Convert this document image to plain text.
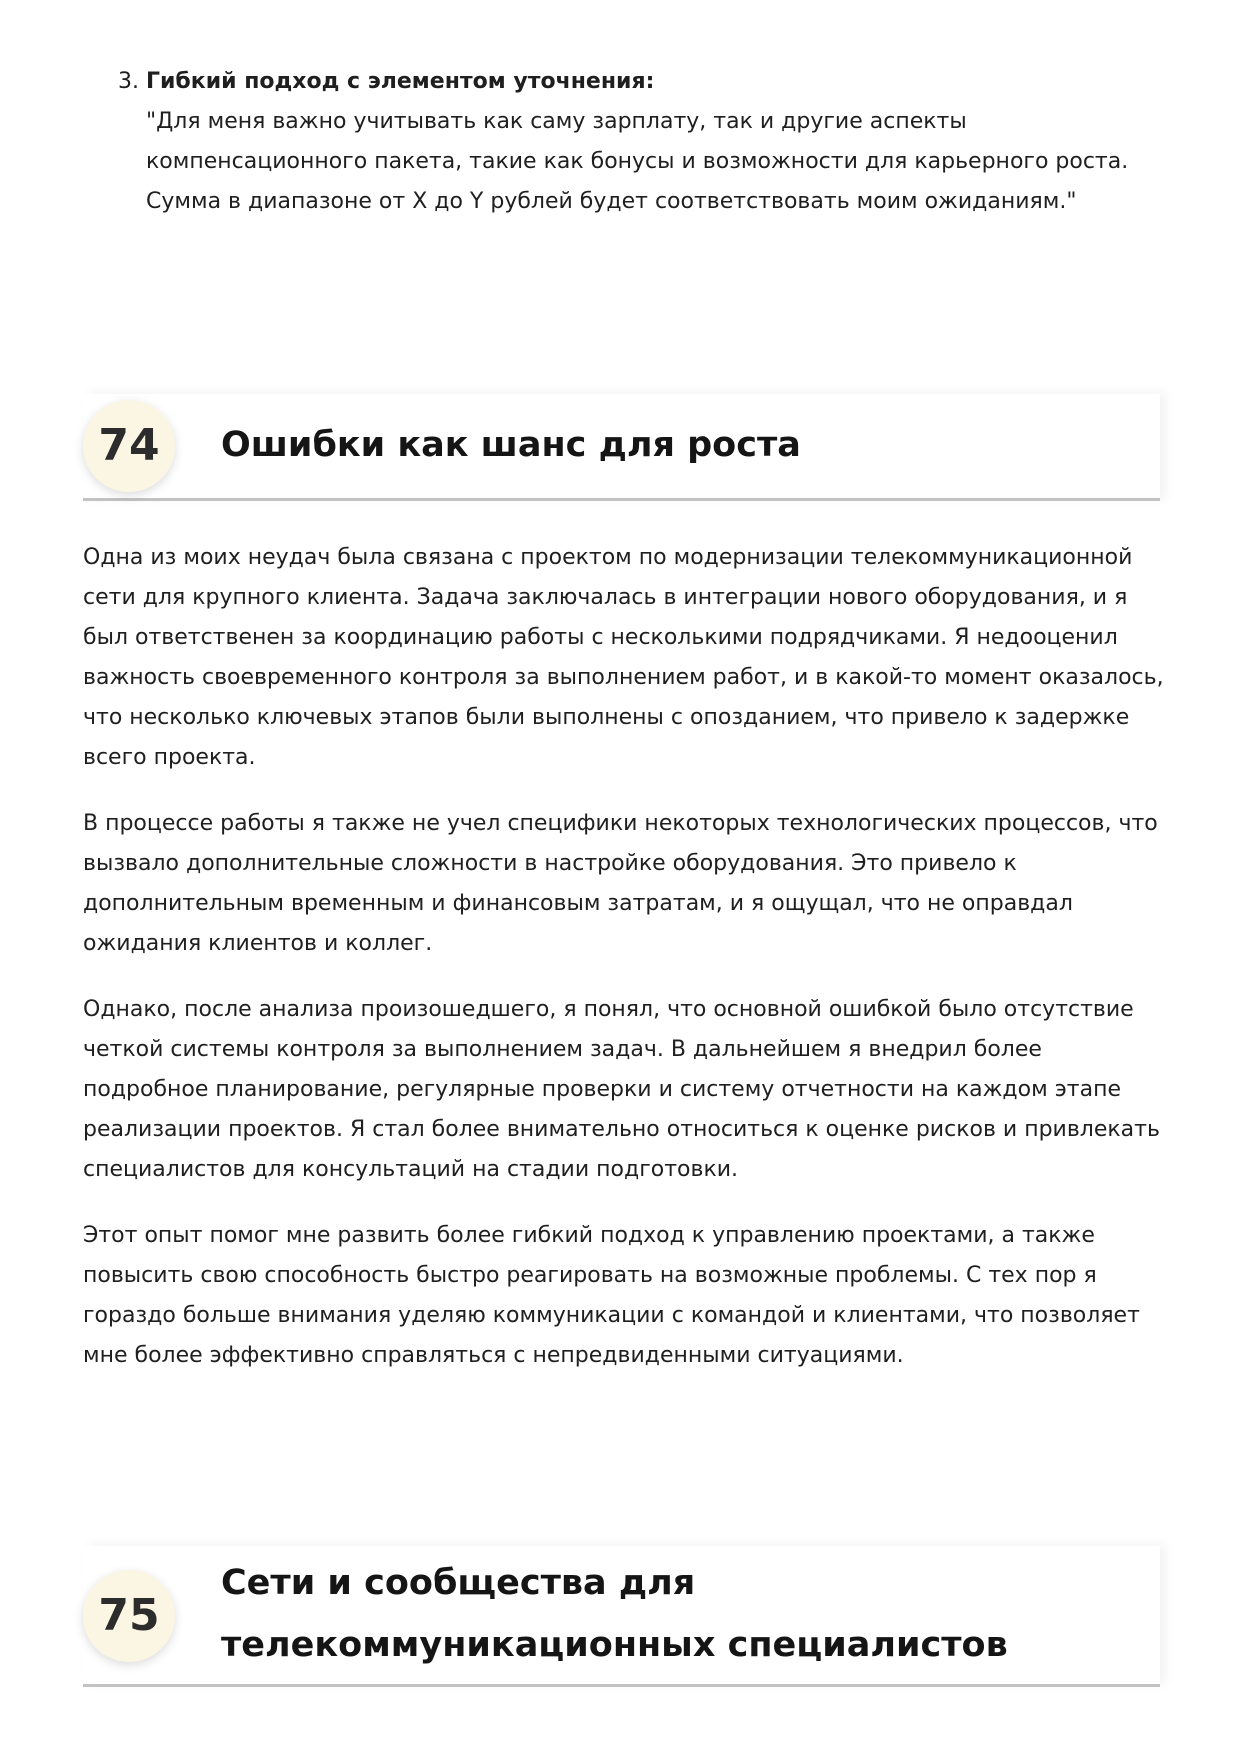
3. Гибкий подход с элементом уточнения:
"Для меня важно учитывать как саму зарплату, так и другие аспекты
компенсационного пакета, такие как бонусы и возможности для карьерного роста.
Сумма в диапазоне от X до Y рублей будет соответствовать моим ожиданиям."
74	Ошибки как шанс для роста

Одна из моих неудач была связана с проектом по модернизации телекоммуникационной сети для крупного клиента. Задача заключалась в интеграции нового оборудования, и я был ответственен за координацию работы с несколькими подрядчиками. Я недооценил важность своевременного контроля за выполнением работ, и в какой-то момент оказалось, что несколько ключевых этапов были выполнены с опозданием, что привело к задержке всего проекта.

В процессе работы я также не учел специфики некоторых технологических процессов, что вызвало дополнительные сложности в настройке оборудования. Это привело к дополнительным временным и финансовым затратам, и я ощущал, что не оправдал ожидания клиентов и коллег.

Однако, после анализа произошедшего, я понял, что основной ошибкой было отсутствие четкой системы контроля за выполнением задач. В дальнейшем я внедрил более подробное планирование, регулярные проверки и систему отчетности на каждом этапе реализации проектов. Я стал более внимательно относиться к оценке рисков и привлекать специалистов для консультаций на стадии подготовки.

Этот опыт помог мне развить более гибкий подход к управлению проектами, а также повысить свою способность быстро реагировать на возможные проблемы. С тех пор я гораздо больше внимания уделяю коммуникации с командой и клиентами, что позволяет мне более эффективно справляться с непредвиденными ситуациями.

75
Сети и сообщества для телекоммуникационных специалистов
